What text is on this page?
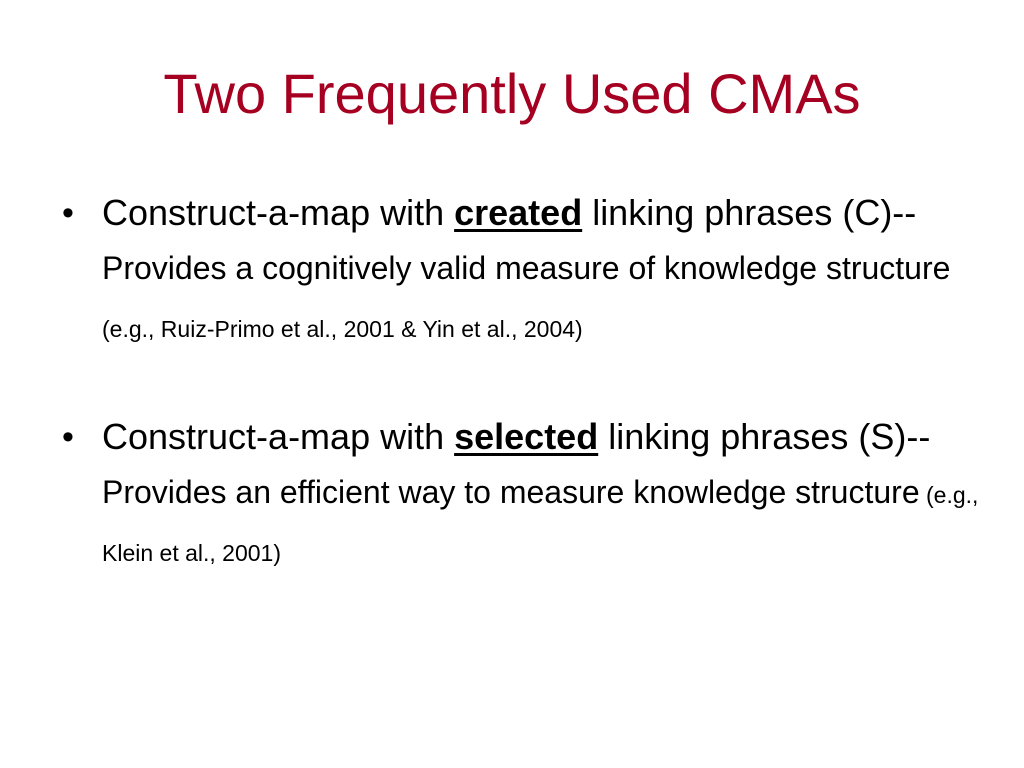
Two Frequently Used CMAs
• Construct-a-map with created linking phrases (C)--Provides a cognitively valid measure of knowledge structure (e.g., Ruiz-Primo et al., 2001 & Yin et al., 2004)
• Construct-a-map with selected linking phrases (S)--Provides an efficient way to measure knowledge structure (e.g., Klein et al., 2001)
